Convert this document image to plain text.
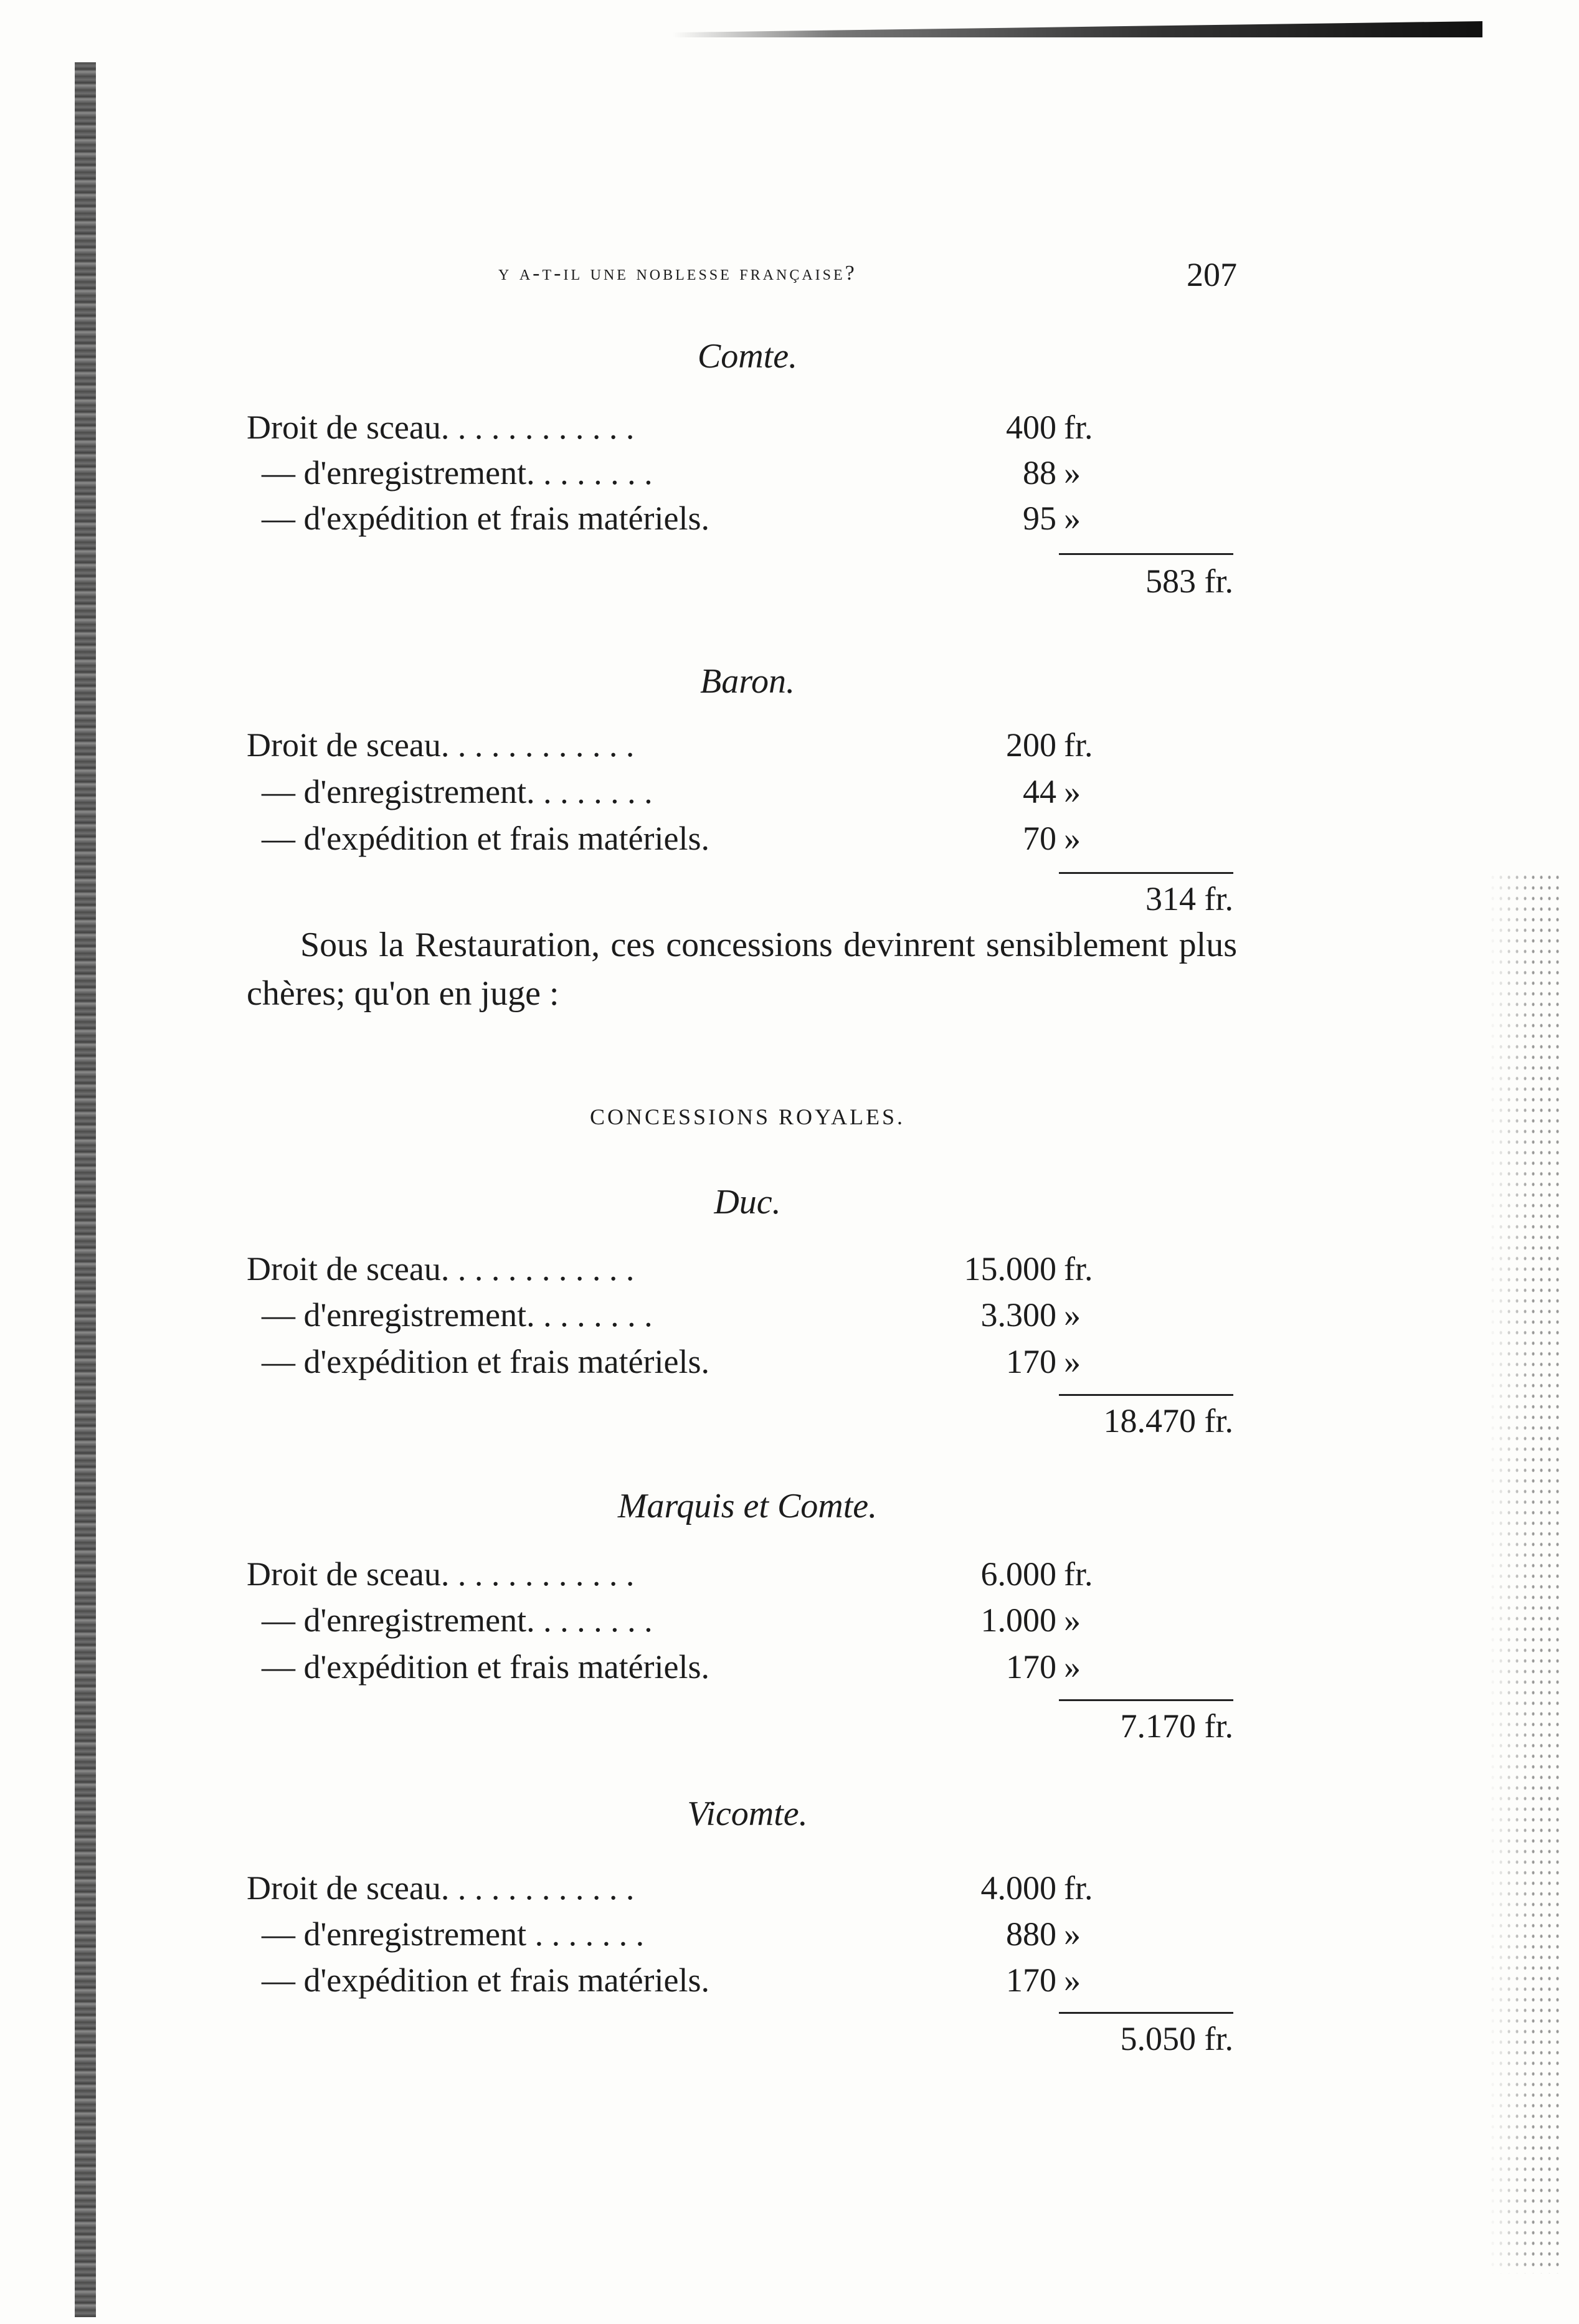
y a-t-il une noblesse française?	207
Comte.
Droit de sceau. . . . . . . . . . . .	400 fr.
— d'enregistrement. . . . . . . .	88 »
— d'expédition et frais matériels.	95 »
583 fr.
Baron.
Droit de sceau. . . . . . . . . . . .	200 fr.
— d'enregistrement. . . . . . . .	44 »
— d'expédition et frais matériels.	70 »
314 fr.
Sous la Restauration, ces concessions devinrent sensiblement plus chères; qu'on en juge :
CONCESSIONS ROYALES.
Duc.
Droit de sceau. . . . . . . . . . . .	15.000 fr.
— d'enregistrement. . . . . . . .	3.300 »
— d'expédition et frais matériels.	170 »
18.470 fr.
Marquis et Comte.
Droit de sceau. . . . . . . . . . . .	6.000 fr.
— d'enregistrement. . . . . . . .	1.000 »
— d'expédition et frais matériels.	170 »
7.170 fr.
Vicomte.
Droit de sceau. . . . . . . . . . . .	4.000 fr.
— d'enregistrement . . . . . . .	880 »
— d'expédition et frais matériels.	170 »
5.050 fr.
